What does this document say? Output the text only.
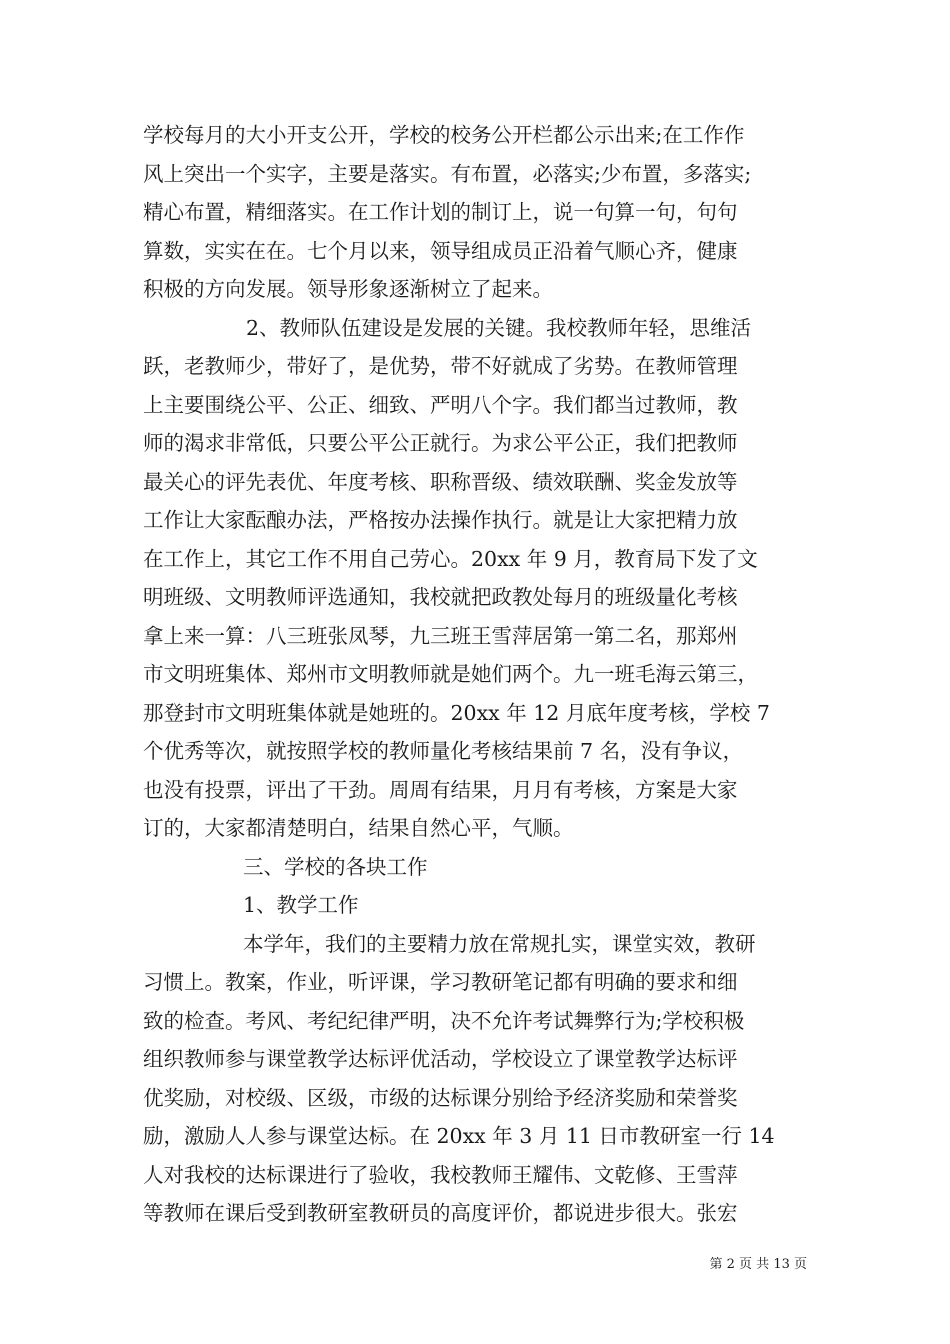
学校每月的大小开支公开，学校的校务公开栏都公示出来;在工作作
风上突出一个实字，主要是落实。有布置，必落实;少布置，多落实;
精心布置，精细落实。在工作计划的制订上，说一句算一句，句句
算数，实实在在。七个月以来，领导组成员正沿着气顺心齐，健康
积极的方向发展。领导形象逐渐树立了起来。
2、教师队伍建设是发展的关键。我校教师年轻，思维活
跃，老教师少，带好了，是优势，带不好就成了劣势。在教师管理
上主要围绕公平、公正、细致、严明八个字。我们都当过教师，教
师的渴求非常低，只要公平公正就行。为求公平公正，我们把教师
最关心的评先表优、年度考核、职称晋级、绩效联酬、奖金发放等
工作让大家酝酿办法，严格按办法操作执行。就是让大家把精力放
在工作上，其它工作不用自己劳心。20xx 年 9 月，教育局下发了文
明班级、文明教师评选通知，我校就把政教处每月的班级量化考核
拿上来一算：八三班张凤琴，九三班王雪萍居第一第二名，那郑州
市文明班集体、郑州市文明教师就是她们两个。九一班毛海云第三，
那登封市文明班集体就是她班的。20xx 年 12 月底年度考核，学校 7
个优秀等次，就按照学校的教师量化考核结果前 7 名，没有争议，
也没有投票，评出了干劲。周周有结果，月月有考核，方案是大家
订的，大家都清楚明白，结果自然心平，气顺。
三、学校的各块工作
1、教学工作
本学年，我们的主要精力放在常规扎实，课堂实效，教研
习惯上。教案，作业，听评课，学习教研笔记都有明确的要求和细
致的检查。考风、考纪纪律严明，决不允许考试舞弊行为;学校积极
组织教师参与课堂教学达标评优活动，学校设立了课堂教学达标评
优奖励，对校级、区级，市级的达标课分别给予经济奖励和荣誉奖
励，激励人人参与课堂达标。在 20xx 年 3 月 11 日市教研室一行 14
人对我校的达标课进行了验收，我校教师王耀伟、文乾修、王雪萍
等教师在课后受到教研室教研员的高度评价，都说进步很大。张宏
第 2 页 共 13 页
